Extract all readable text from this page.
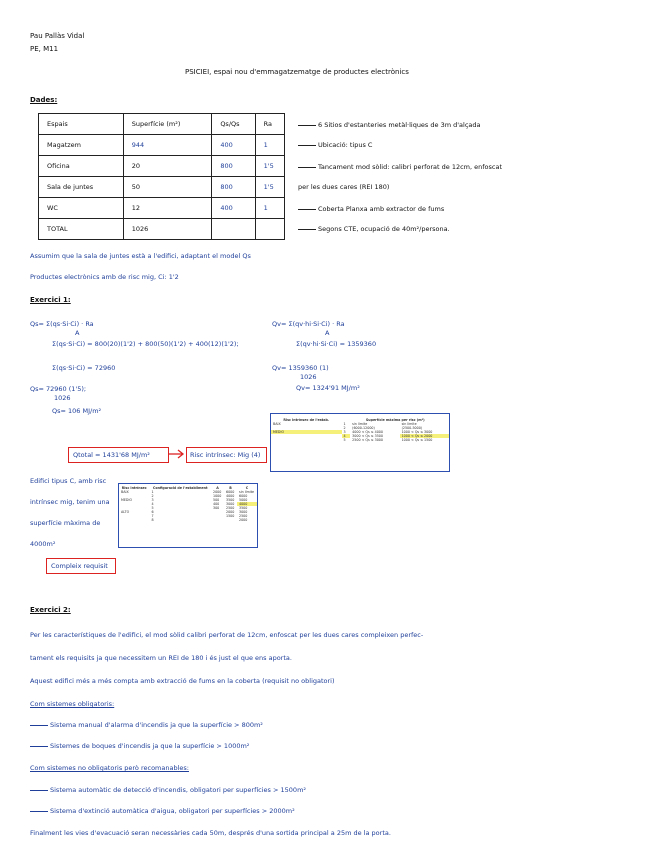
Pau Pallàs Vidal
PE, M11
PSICIEI, espai nou d'emmagatzematge de productes electrònics
Dades:
Espais	Superfície (m²)	Qs/Qs	Ra
Magatzem	944	400	1
Oficina	20	800	1'5
Sala de juntes	50	800	1'5
WC	12	400	1
TOTAL	1026		
6 Sitios d'estanteries metàl·liques de 3m d'alçada
Ubicació: tipus C
Tancament mod sòlid: calibri perforat de 12cm, enfoscat
per les dues cares (REI 180)
Coberta Planxa amb extractor de fums
Segons CTE, ocupació de 40m²/persona.
Assumim que la sala de juntes està a l'edifici, adaptant el model Qs
Productes electrònics amb de risc mig, Ci: 1'2
Exercici 1:
Qs= Σ(qs·Si·Ci) · Ra
A
Σ(qs·Si·Ci) = 800(20)(1'2) + 800(50)(1'2) + 400(12)(1'2);
Σ(qs·Si·Ci) = 72960
Qs= 72960 (1'5);
1026
Qs= 106 MJ/m²
Qv= Σ(qv·hi·Si·Ci) · Ra
A
Σ(qv·hi·Si·Ci) = 1359360
Qv= 1359360 (1)
1026
Qv= 1324'91 MJ/m²
Risc intrínsec de l'estab.	Superfície màxima per risc (m²)		
BAIX	1	sin límite	sin límite
	2	(6000-12000)	(2500-5000)
MEDIO	3	4000 < Qs ≤ 4000	1000 < Qs ≤ 3000
	4	3000 < Qs ≤ 3500	1000 < Qs ≤ 2000
	5	2500 < Qs ≤ 3000	1000 < Qs ≤ 1500
Qtotal = 1431'68 MJ/m²	Risc intrínsec: Mig (4)
Edifici tipus C, amb risc
intrínsec mig, tenim una
superfície màxima de
4000m²
Risc intrínsec	Configuració de l'establiment	A	B	C
BAIX	1	2000	6000	sin límite
	2	1000	4000	6000
MEDIO	3	500	3500	5000
	4	400	3000	4000
	5	300	2500	3500
ALTO	6		2000	3000
	7		1500	2500
	8			2000
Compleix requisit
Exercici 2:
Per les característiques de l'edifici, el mod sòlid calibri perforat de 12cm, enfoscat per les dues cares compleixen perfec-
tament els requisits ja que necessitem un REI de 180 i és just el que ens aporta.
Aquest edifici més a més compta amb extracció de fums en la coberta (requisit no obligatori)
Com sistemes obligatoris:
Sistema manual d'alarma d'incendis ja que la superfície > 800m²
Sistemes de boques d'incendis ja que la superfície > 1000m²
Com sistemes no obligatoris però recomanables:
Sistema automàtic de detecció d'incendis, obligatori per superfícies > 1500m²
Sistema d'extinció automàtica d'aigua, obligatori per superfícies > 2000m²
Finalment les vies d'evacuació seran necessàries cada 50m, després d'una sortida principal a 25m de la porta.
